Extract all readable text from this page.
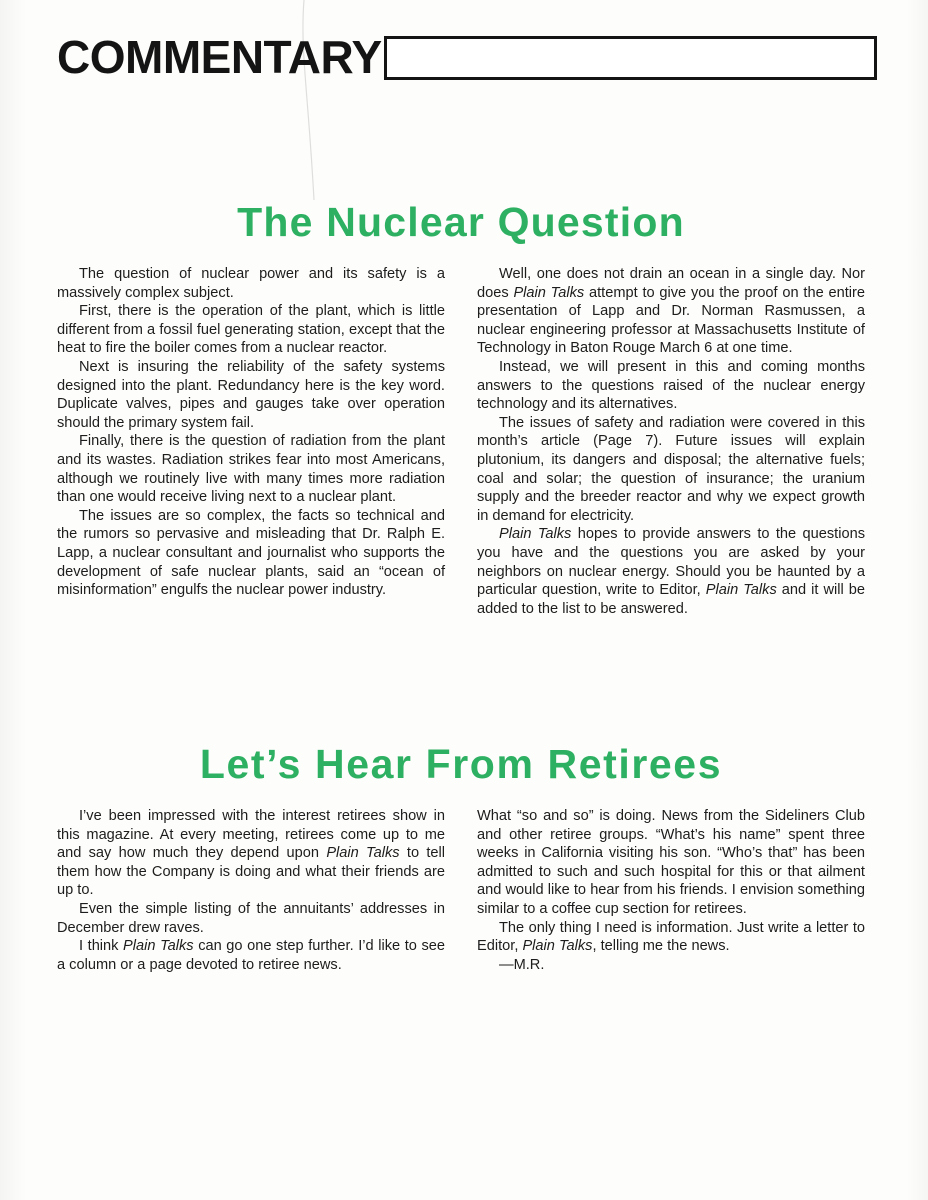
COMMENTARY
The Nuclear Question

The question of nuclear power and its safety is a massively complex subject.

First, there is the operation of the plant, which is little different from a fossil fuel generating station, except that the heat to fire the boiler comes from a nuclear reactor.

Next is insuring the reliability of the safety systems designed into the plant. Redundancy here is the key word. Duplicate valves, pipes and gauges take over operation should the primary system fail.

Finally, there is the question of radiation from the plant and its wastes. Radiation strikes fear into most Americans, although we routinely live with many times more radiation than one would receive living next to a nuclear plant.

The issues are so complex, the facts so technical and the rumors so pervasive and misleading that Dr. Ralph E. Lapp, a nuclear consultant and journalist who supports the development of safe nuclear plants, said an “ocean of misinformation” engulfs the nuclear power industry.

Well, one does not drain an ocean in a single day. Nor does Plain Talks attempt to give you the proof on the entire presentation of Lapp and Dr. Norman Rasmussen, a nuclear engineering professor at Massachusetts Institute of Technology in Baton Rouge March 6 at one time.

Instead, we will present in this and coming months answers to the questions raised of the nuclear energy technology and its alternatives.

The issues of safety and radiation were covered in this month’s article (Page 7). Future issues will explain plutonium, its dangers and disposal; the alternative fuels; coal and solar; the question of insurance; the uranium supply and the breeder reactor and why we expect growth in demand for electricity.

Plain Talks hopes to provide answers to the questions you have and the questions you are asked by your neighbors on nuclear energy. Should you be haunted by a particular question, write to Editor, Plain Talks and it will be added to the list to be answered.

Let’s Hear From Retirees

I’ve been impressed with the interest retirees show in this magazine. At every meeting, retirees come up to me and say how much they depend upon Plain Talks to tell them how the Company is doing and what their friends are up to.

Even the simple listing of the annuitants’ addresses in December drew raves.

I think Plain Talks can go one step further. I’d like to see a column or a page devoted to retiree news.

What “so and so” is doing. News from the Sideliners Club and other retiree groups. “What’s his name” spent three weeks in California visiting his son. “Who’s that” has been admitted to such and such hospital for this or that ailment and would like to hear from his friends. I envision something similar to a coffee cup section for retirees.

The only thing I need is information. Just write a letter to Editor, Plain Talks, telling me the news.

—M.R.
